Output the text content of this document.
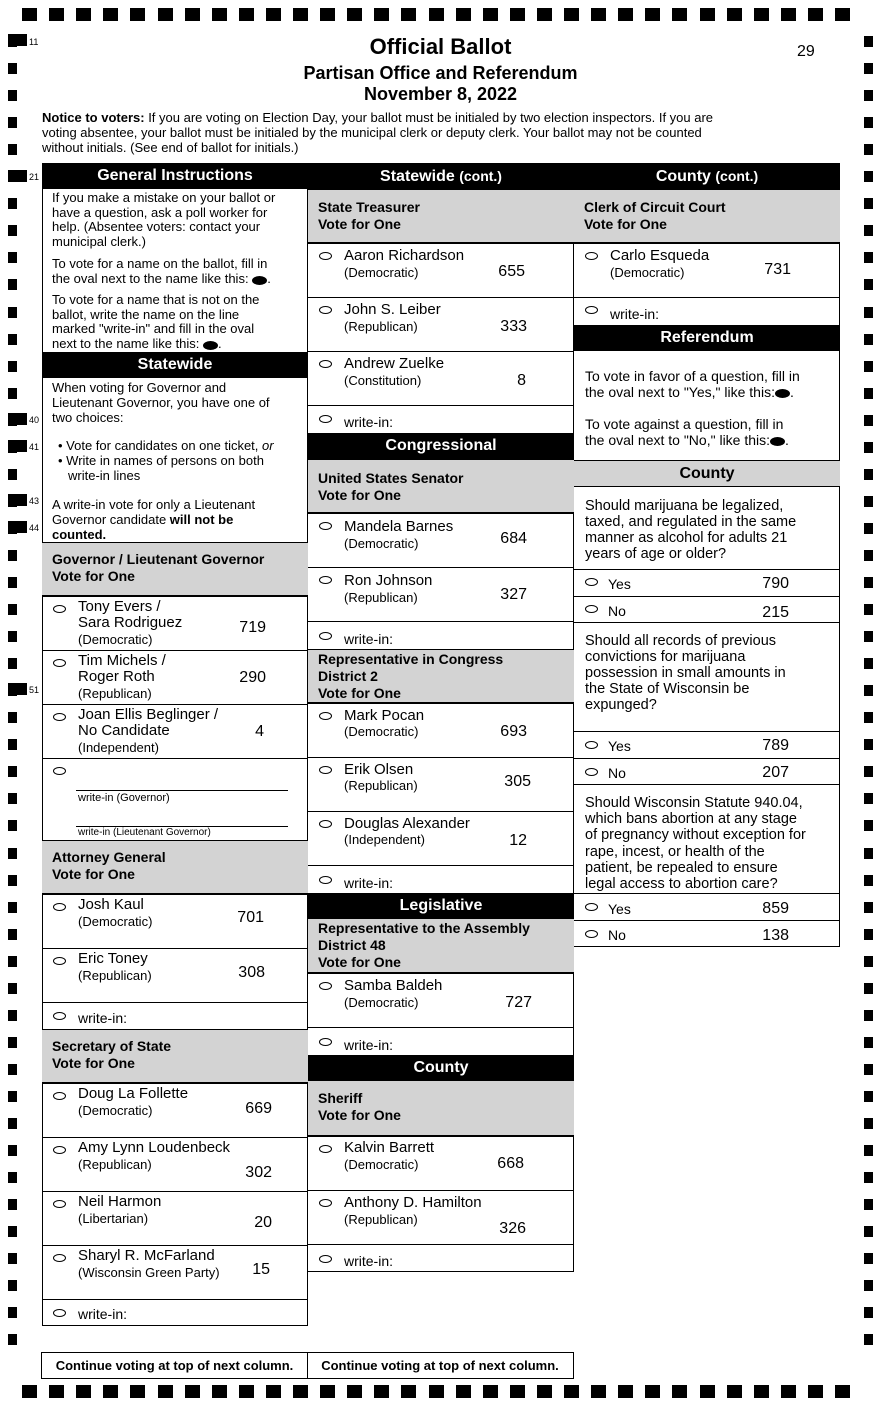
11
21
40
41
43
44
51
Official Ballot
Partisan Office and Referendum
November 8, 2022
29
Notice to voters: If you are voting on Election Day, your ballot must be initialed by two election inspectors. If you are
voting absentee, your ballot must be initialed by the municipal clerk or deputy clerk. Your ballot may not be counted
without initials. (See end of ballot for initials.)
General Instructions
If you make a mistake on your ballot or
have a question, ask a poll worker for
help. (Absentee voters: contact your
municipal clerk.)
To vote for a name on the ballot, fill in
the oval next to the name like this: .
To vote for a name that is not on the
ballot, write the name on the line
marked "write-in" and fill in the oval
next to the name like this: .
Statewide
When voting for Governor and
Lieutenant Governor, you have one of
two choices:
• Vote for candidates on one ticket, or
• Write in names of persons on both
write-in lines
A write-in vote for only a Lieutenant
Governor candidate will not be
counted.
Governor / Lieutenant Governor
Vote for One
Tony Evers /
Sara Rodriguez
(Democratic)
719
Tim Michels /
Roger Roth
(Republican)
290
Joan Ellis Beglinger /
No Candidate
(Independent)
4
write-in (Governor)
write-in (Lieutenant Governor)
Attorney General
Vote for One
Josh Kaul
(Democratic)	701
Eric Toney
(Republican)	308
write-in:
Secretary of State
Vote for One
Doug La Follette
(Democratic)	669
Amy Lynn Loudenbeck
(Republican)	302
Neil Harmon
(Libertarian)	20
Sharyl R. McFarland
(Wisconsin Green Party)	15
write-in:
Continue voting at top of next column.
Statewide (cont.)
State Treasurer
Vote for One
Aaron Richardson
(Democratic)	655
John S. Leiber
(Republican)	333
Andrew Zuelke
(Constitution)	8
write-in:
Congressional
United States Senator
Vote for One
Mandela Barnes
(Democratic)	684
Ron Johnson
(Republican)	327
write-in:
Representative in Congress
District 2
Vote for One
Mark Pocan
(Democratic)	693
Erik Olsen
(Republican)	305
Douglas Alexander
(Independent)	12
write-in:
Legislative
Representative to the Assembly
District 48
Vote for One
Samba Baldeh
(Democratic)	727
write-in:
County
Sheriff
Vote for One
Kalvin Barrett
(Democratic)	668
Anthony D. Hamilton
(Republican)
326
write-in:
Continue voting at top of next column.
County (cont.)
Clerk of Circuit Court
Vote for One
Carlo Esqueda
(Democratic)	731
write-in:
Referendum
To vote in favor of a question, fill in
the oval next to "Yes," like this: .
To vote against a question, fill in
the oval next to "No," like this: .
County
Should marijuana be legalized,
taxed, and regulated in the same
manner as alcohol for adults 21
years of age or older?
Yes	790
No	215
Should all records of previous
convictions for marijuana
possession in small amounts in
the State of Wisconsin be
expunged?
Yes	789
No	207
Should Wisconsin Statute 940.04,
which bans abortion at any stage
of pregnancy without exception for
rape, incest, or health of the
patient, be repealed to ensure
legal access to abortion care?
Yes	859
No	138
